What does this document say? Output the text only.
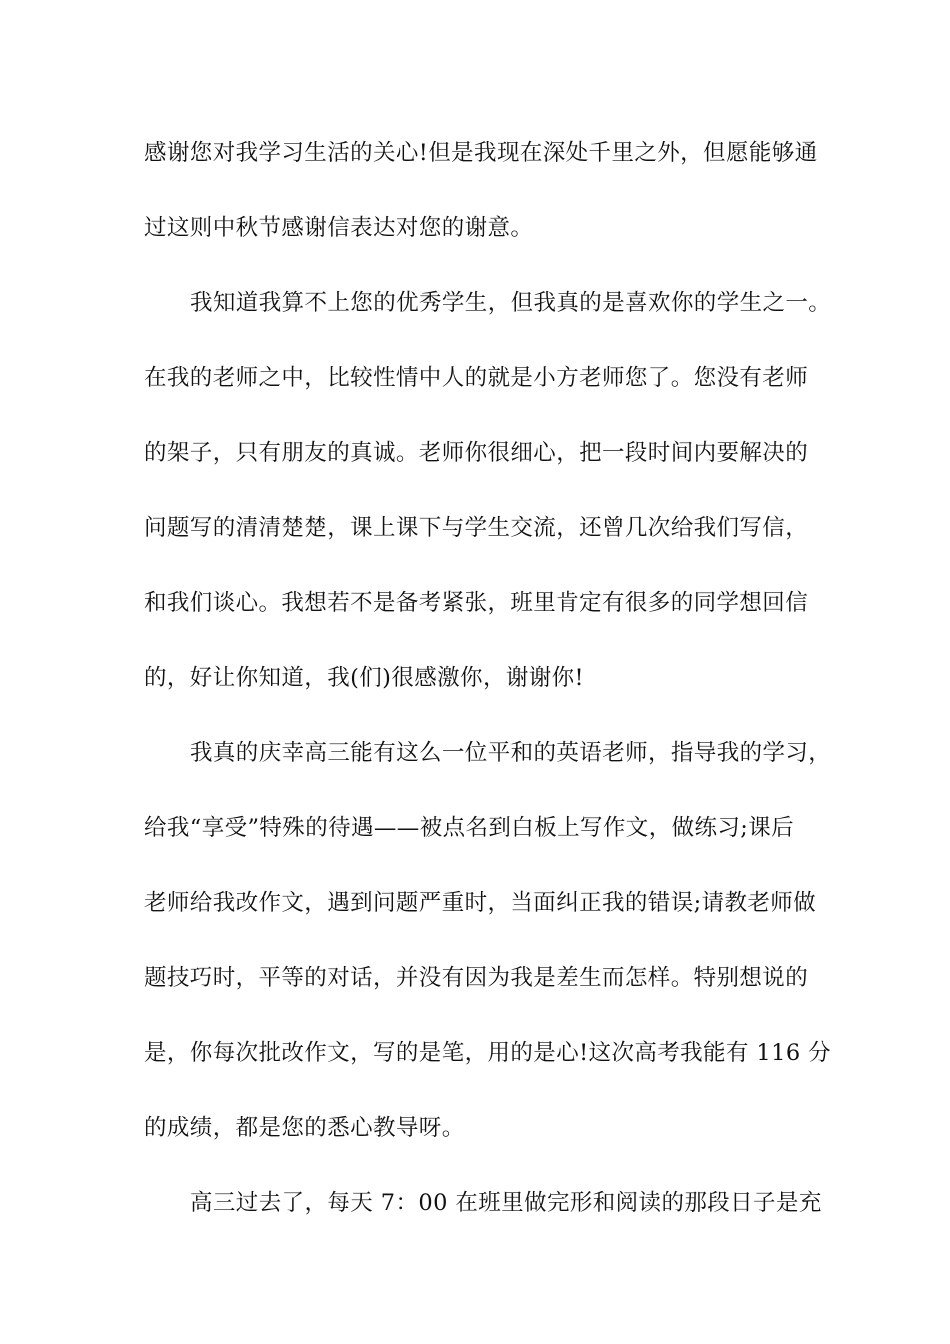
感谢您对我学习生活的关心!但是我现在深处千里之外，但愿能够通
过这则中秋节感谢信表达对您的谢意。
我知道我算不上您的优秀学生，但我真的是喜欢你的学生之一。
在我的老师之中，比较性情中人的就是小方老师您了。您没有老师
的架子，只有朋友的真诚。老师你很细心，把一段时间内要解决的
问题写的清清楚楚，课上课下与学生交流，还曾几次给我们写信，
和我们谈心。我想若不是备考紧张，班里肯定有很多的同学想回信
的，好让你知道，我(们)很感激你，谢谢你!
我真的庆幸高三能有这么一位平和的英语老师，指导我的学习，
给我“享受”特殊的待遇——被点名到白板上写作文，做练习;课后
老师给我改作文，遇到问题严重时，当面纠正我的错误;请教老师做
题技巧时，平等的对话，并没有因为我是差生而怎样。特别想说的
是，你每次批改作文，写的是笔，用的是心!这次高考我能有 116 分
的成绩，都是您的悉心教导呀。
高三过去了，每天 7：00 在班里做完形和阅读的那段日子是充
